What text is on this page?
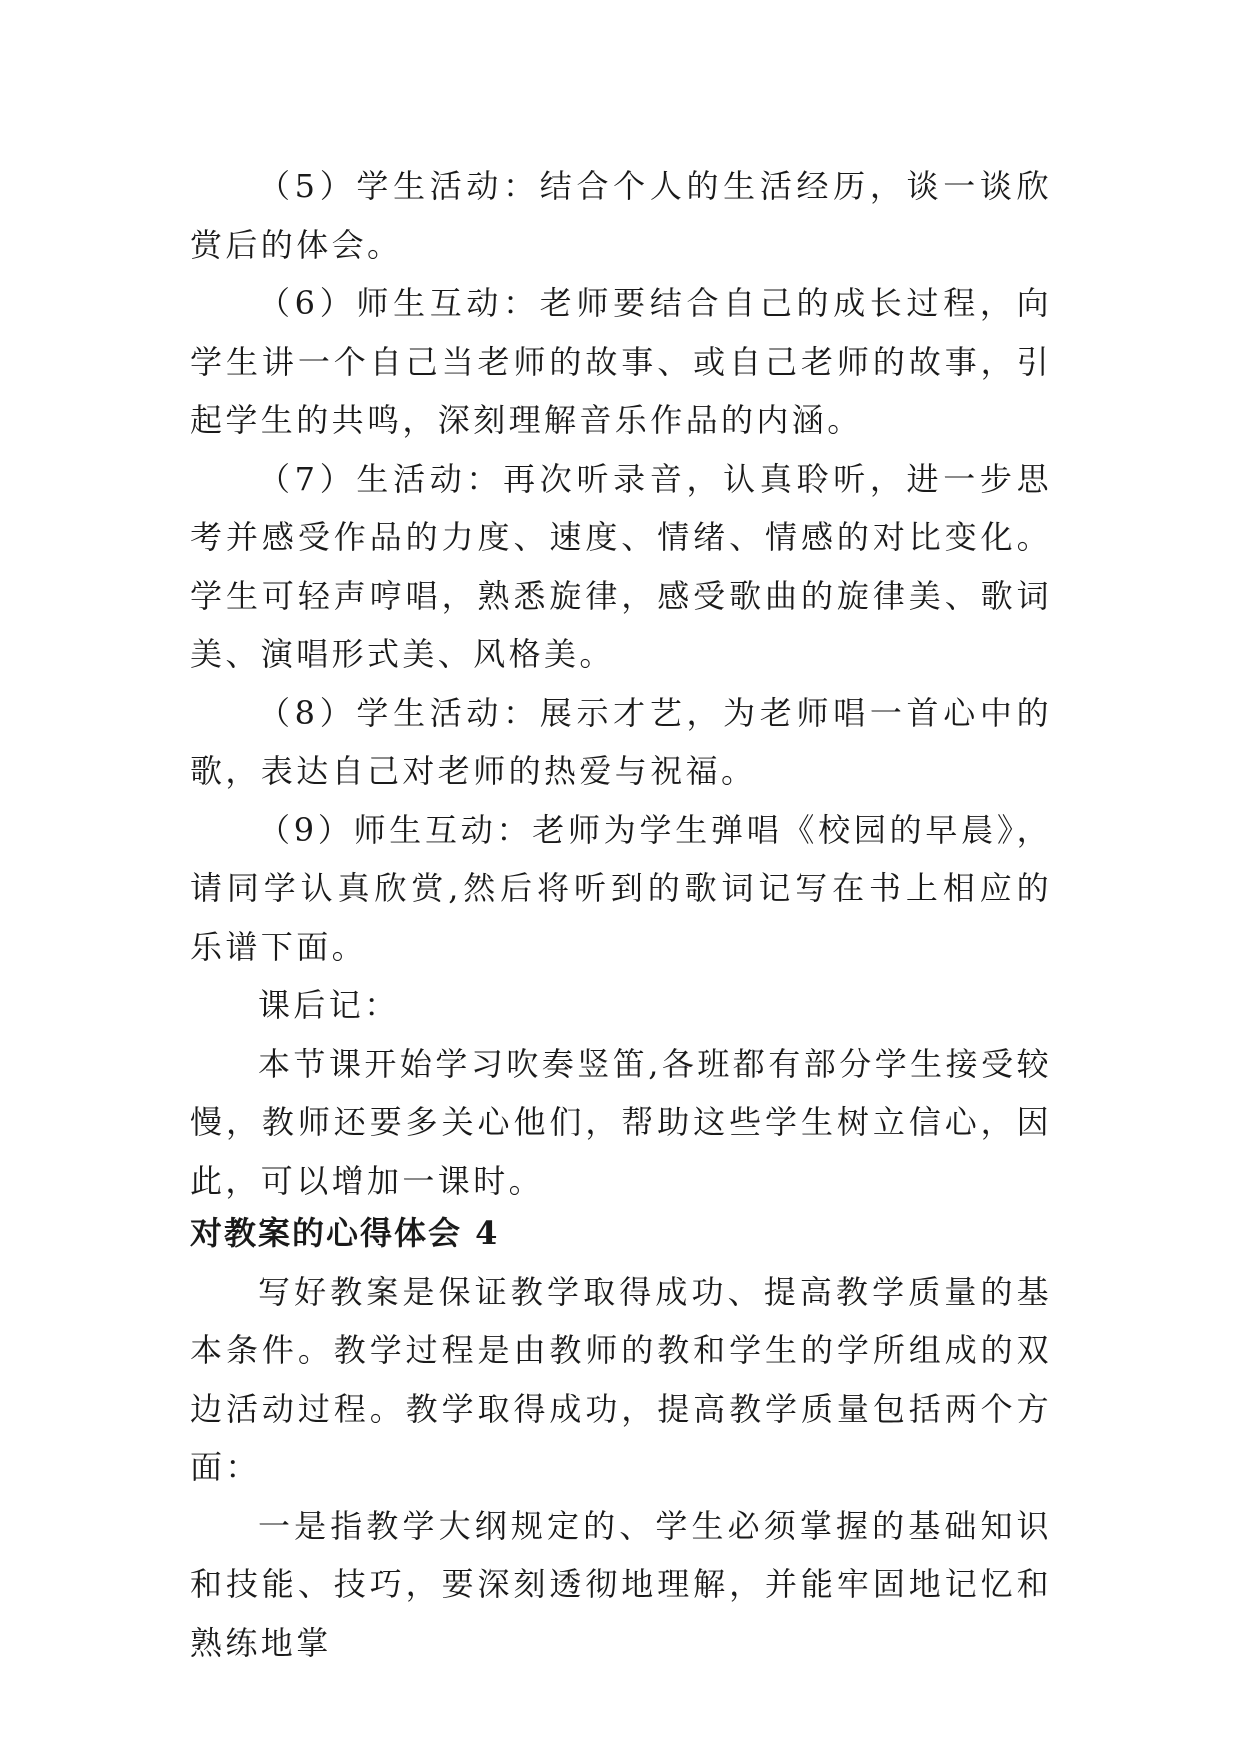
（5）学生活动：结合个人的生活经历，谈一谈欣赏后的体会。

（6）师生互动：老师要结合自己的成长过程，向学生讲一个自己当老师的故事、或自己老师的故事，引起学生的共鸣，深刻理解音乐作品的内涵。

（7）生活动：再次听录音，认真聆听，进一步思考并感受作品的力度、速度、情绪、情感的对比变化。学生可轻声哼唱，熟悉旋律，感受歌曲的旋律美、歌词美、演唱形式美、风格美。

（8）学生活动：展示才艺，为老师唱一首心中的歌，表达自己对老师的热爱与祝福。

（9）师生互动：老师为学生弹唱《校园的早晨》，请同学认真欣赏,然后将听到的歌词记写在书上相应的乐谱下面。

课后记：

本节课开始学习吹奏竖笛,各班都有部分学生接受较慢，教师还要多关心他们，帮助这些学生树立信心，因此，可以增加一课时。

对教案的心得体会 4

写好教案是保证教学取得成功、提高教学质量的基本条件。教学过程是由教师的教和学生的学所组成的双边活动过程。教学取得成功，提高教学质量包括两个方面：

一是指教学大纲规定的、学生必须掌握的基础知识和技能、技巧，要深刻透彻地理解，并能牢固地记忆和熟练地掌
